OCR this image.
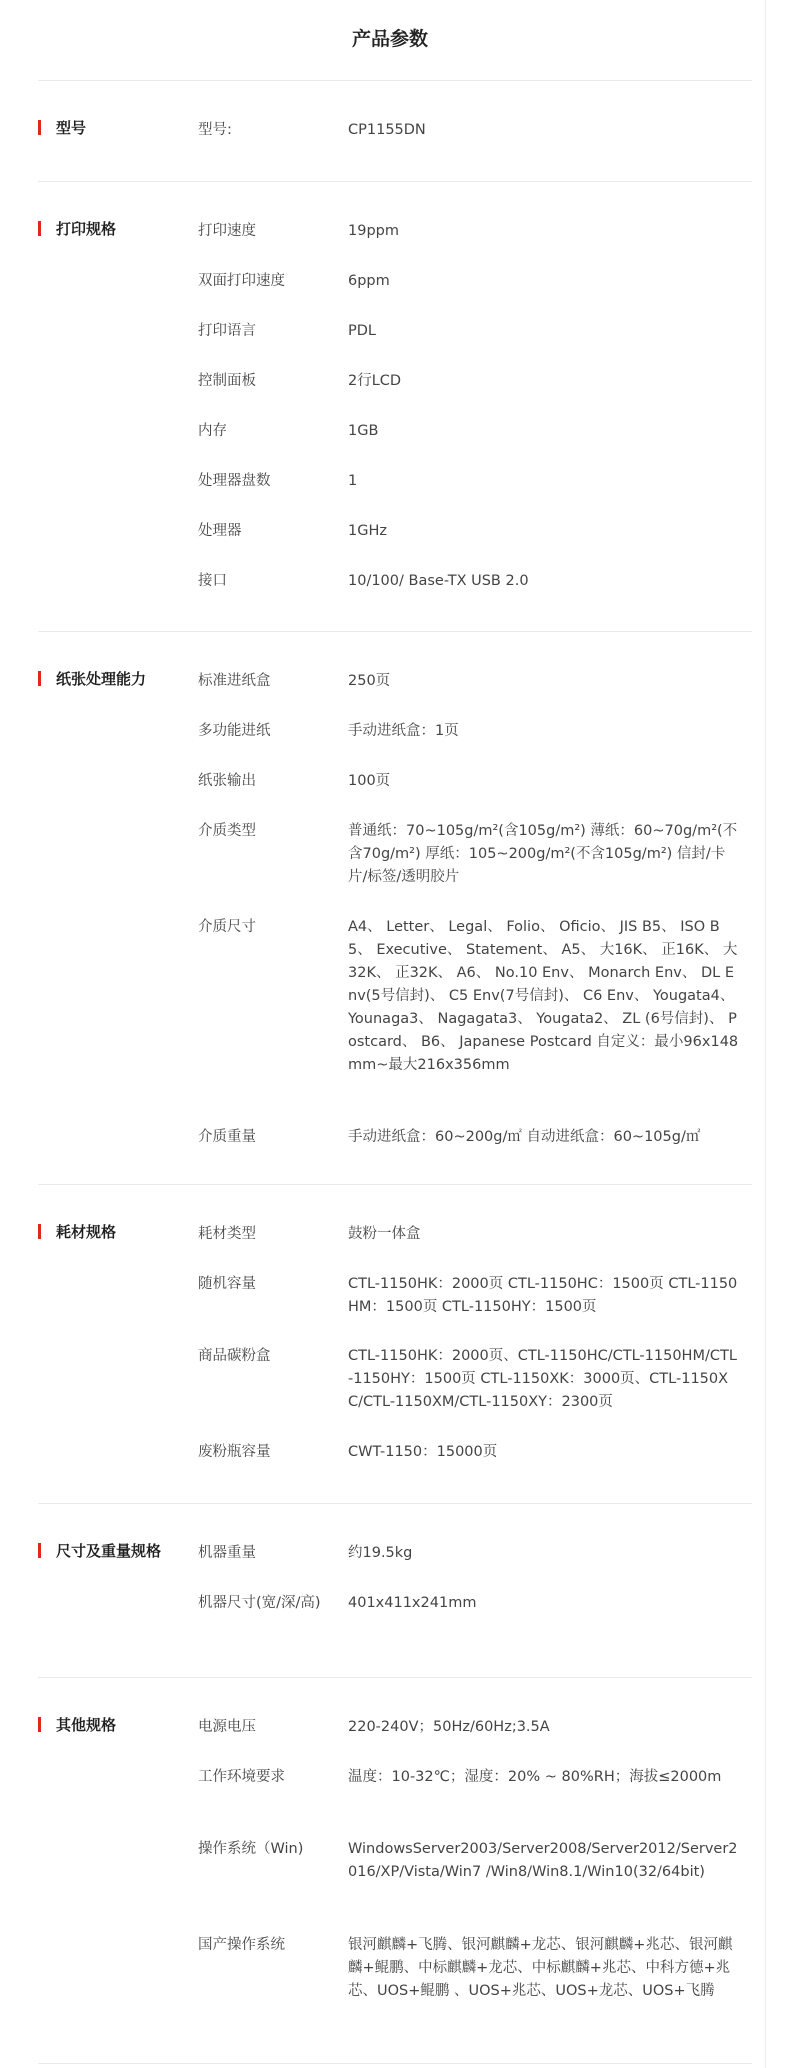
产品参数
型号	型号:	CP1155DN
打印规格	打印速度	19ppm
双面打印速度	6ppm
打印语言	PDL
控制面板	2行LCD
内存	1GB
处理器盘数	1
处理器	1GHz
接口	10/100/ Base-TX USB 2.0
纸张处理能力	标准进纸盒	250页
多功能进纸	手动进纸盒：1页
纸张输出	100页
介质类型	普通纸：70~105g/m²(含105g/m²) 薄纸：60~70g/m²(不含70g/m²) 厚纸：105~200g/m²(不含105g/m²) 信封/卡片/标签/透明胶片
介质尺寸	A4、 Letter、 Legal、 Folio、 Oficio、 JIS B5、 ISO B5、 Executive、 Statement、 A5、 大16K、 正16K、 大32K、 正32K、 A6、 No.10 Env、 Monarch Env、 DL Env(5号信封)、 C5 Env(7号信封)、 C6 Env、 Yougata4、 Younaga3、 Nagagata3、 Yougata2、 ZL (6号信封)、 Postcard、 B6、 Japanese Postcard 自定义：最小96x148mm~最大216x356mm
介质重量	手动进纸盒：60~200g/㎡ 自动进纸盒：60~105g/㎡
耗材规格	耗材类型	鼓粉一体盒
随机容量	CTL-1150HK：2000页 CTL-1150HC：1500页 CTL-1150HM：1500页 CTL-1150HY：1500页
商品碳粉盒	CTL-1150HK：2000页、CTL-1150HC/CTL-1150HM/CTL-1150HY：1500页 CTL-1150XK：3000页、CTL-1150XC/CTL-1150XM/CTL-1150XY：2300页
废粉瓶容量	CWT-1150：15000页
尺寸及重量规格	机器重量	约19.5kg
机器尺寸(宽/深/高)	401x411x241mm
其他规格	电源电压	220-240V；50Hz/60Hz;3.5A
工作环境要求	温度：10-32℃；湿度：20% ~ 80%RH；海拔≤2000m
操作系统（Win)	WindowsServer2003/Server2008/Server2012/Server2016/XP/Vista/Win7 /Win8/Win8.1/Win10(32/64bit)
国产操作系统	银河麒麟+飞腾、银河麒麟+龙芯、银河麒麟+兆芯、银河麒麟+鲲鹏、中标麒麟+龙芯、中标麒麟+兆芯、中科方德+兆芯、UOS+鲲鹏 、UOS+兆芯、UOS+龙芯、UOS+飞腾
